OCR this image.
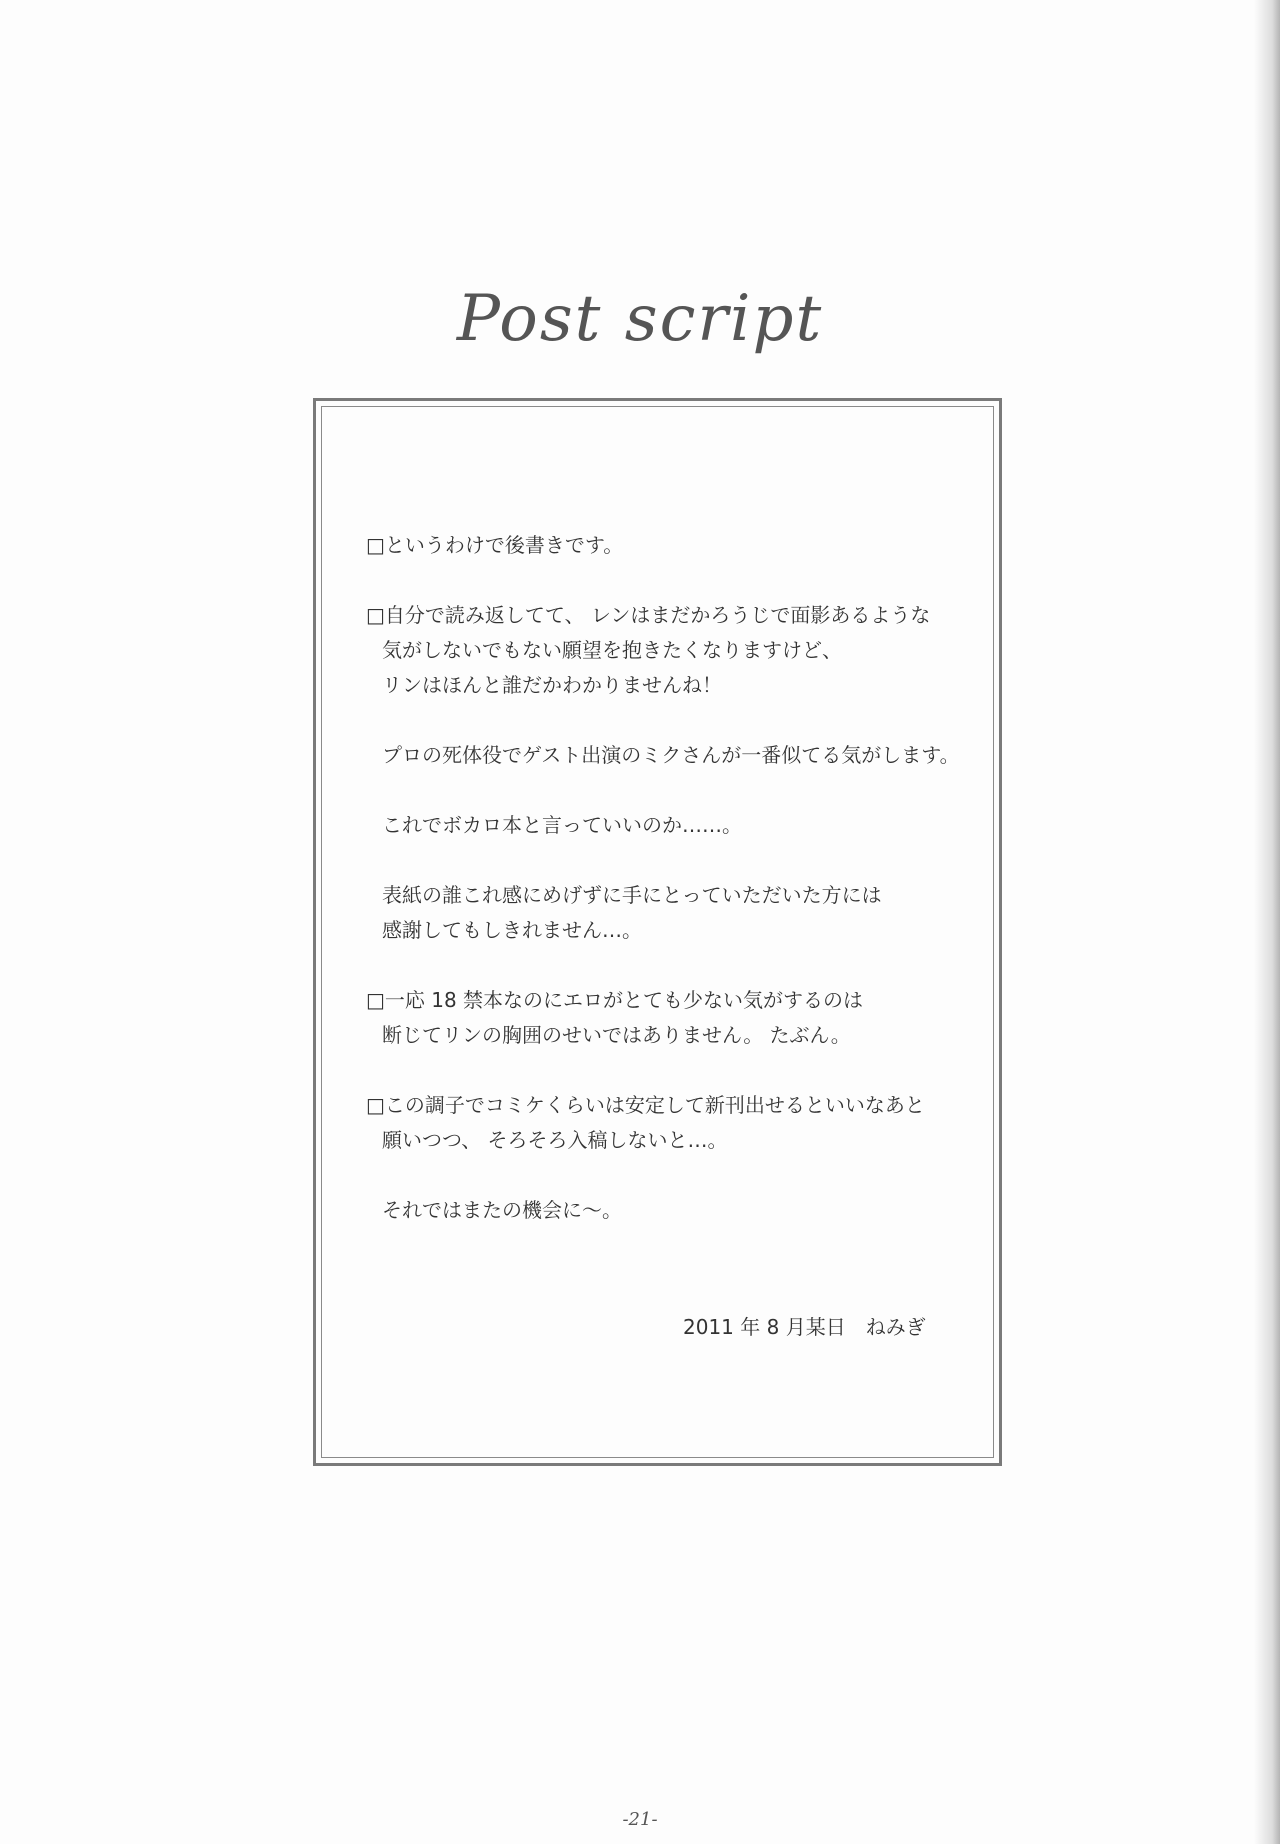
Post script
□というわけで後書きです。
□自分で読み返してて、 レンはまだかろうじで面影あるような
気がしないでもない願望を抱きたくなりますけど、
リンはほんと誰だかわかりませんね！
プロの死体役でゲスト出演のミクさんが一番似てる気がします。
これでボカロ本と言っていいのか……。
表紙の誰これ感にめげずに手にとっていただいた方には
感謝してもしきれません…。
□一応 18 禁本なのにエロがとても少ない気がするのは
断じてリンの胸囲のせいではありません。 たぶん。
□この調子でコミケくらいは安定して新刊出せるといいなあと
願いつつ、 そろそろ入稿しないと…。
それではまたの機会に～。
2011 年 8 月某日　ねみぎ
-21-
